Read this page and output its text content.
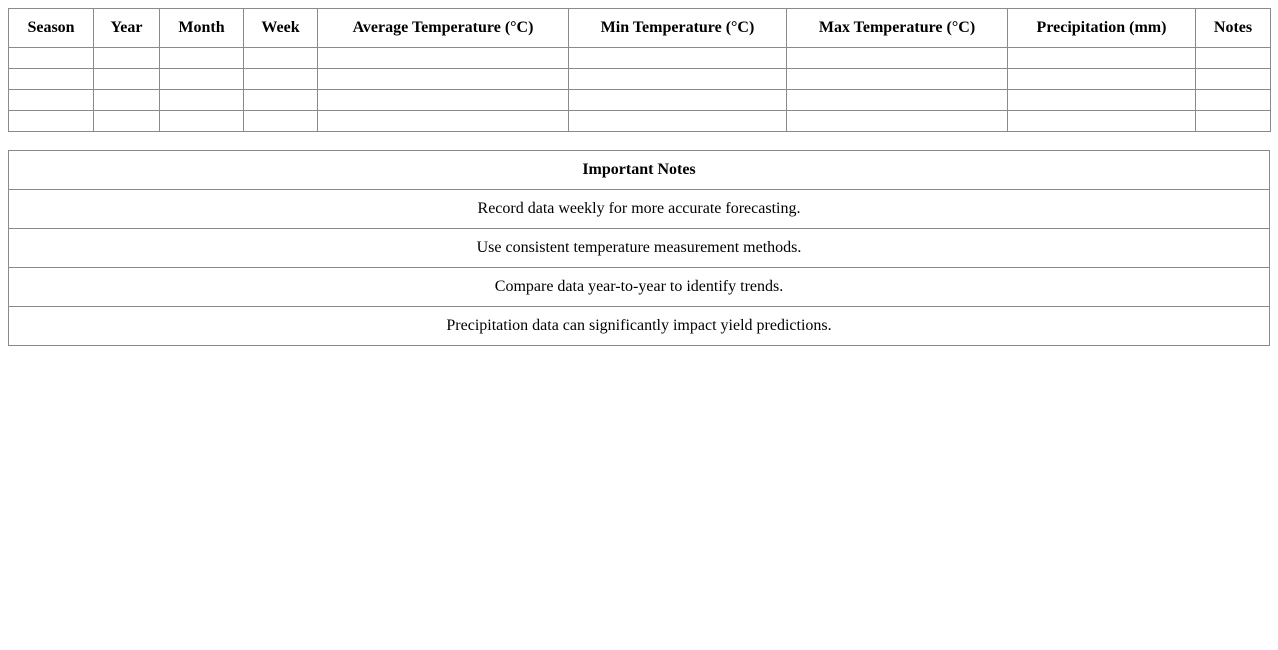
Season	Year	Month	Week	Average Temperature (°C)	Min Temperature (°C)	Max Temperature (°C)	Precipitation (mm)	Notes

Important Notes
Record data weekly for more accurate forecasting.
Use consistent temperature measurement methods.
Compare data year-to-year to identify trends.
Precipitation data can significantly impact yield predictions.
